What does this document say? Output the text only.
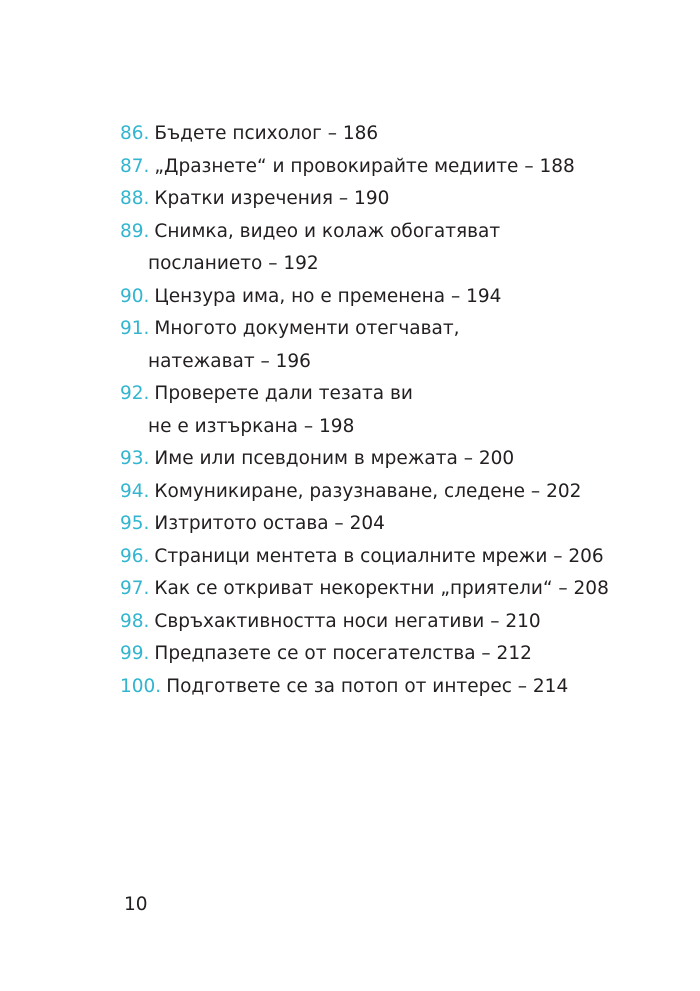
86. Бъдете психолог – 186
87. „Дразнете“ и провокирайте медиите – 188
88. Кратки изречения – 190
89. Снимка, видео и колаж обогатяват
посланието – 192
90. Цензура има, но е пременена – 194
91. Многото документи отегчават,
натежават – 196
92. Проверете дали тезата ви
не е изтъркана – 198
93. Име или псевдоним в мрежата – 200
94. Комуникиране, разузнаване, следене – 202
95. Изтритото остава – 204
96. Страници ментета в социалните мрежи – 206
97. Как се откриват некоректни „приятели“ – 208
98. Свръхактивността носи негативи – 210
99. Предпазете се от посегателства – 212
100. Подгответе се за потоп от интерес – 214
10
